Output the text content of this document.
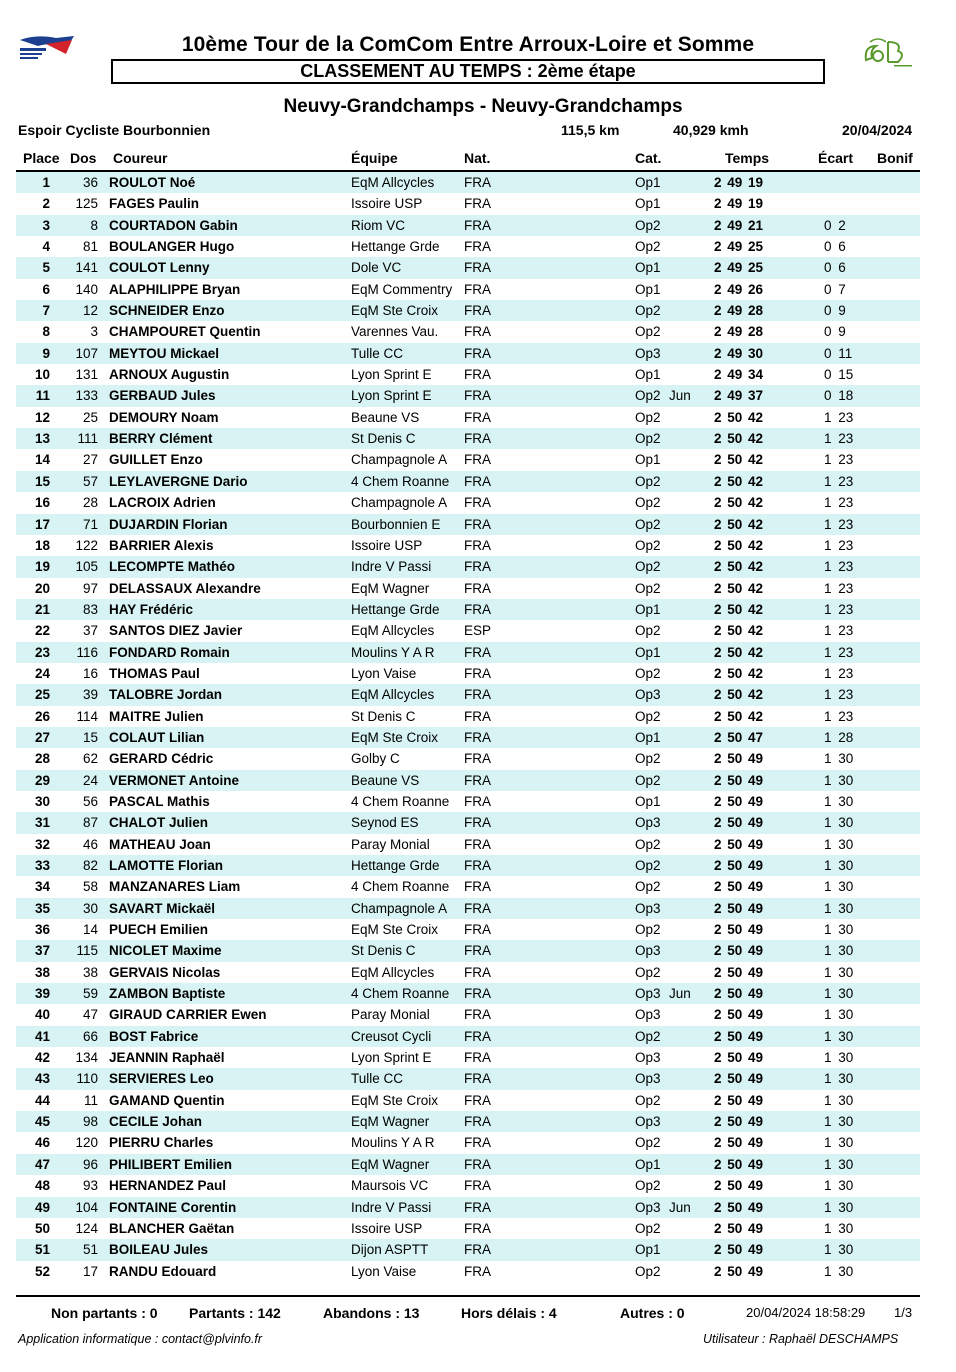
10ème Tour de la ComCom Entre Arroux-Loire et Somme
CLASSEMENT AU TEMPS : 2ème étape
Neuvy-Grandchamps - Neuvy-Grandchamps
Espoir Cycliste Bourbonnien	115,5 km	40,929 kmh	20/04/2024
Place Dos Coureur	Équipe	Nat.	Cat.	Temps	Écart Bonif
1	36 ROULOT Noé	EqM Allcycles FRA	Op1	2 49 19
2	125 FAGES Paulin	Issoire USP	FRA	Op1	2 49 19
3	8 COURTADON Gabin	Riom VC	FRA	Op2	2 49 21	0 2
4	81 BOULANGER Hugo	Hettange Grde FRA	Op2	2 49 25	0 6
5	141 COULOT Lenny	Dole VC	FRA	Op1	2 49 25	0 6
6	140 ALAPHILIPPE Bryan	EqM Commentry FRA	Op1	2 49 26	0 7
7	12 SCHNEIDER Enzo	EqM Ste Croix FRA	Op2	2 49 28	0 9
8	3 CHAMPOURET Quentin	Varennes Vau. FRA	Op2	2 49 28	0 9
9	107 MEYTOU Mickael	Tulle CC	FRA	Op3	2 49 30	0 11
10	131 ARNOUX Augustin	Lyon Sprint E FRA	Op1	2 49 34	0 15
11	133 GERBAUD Jules	Lyon Sprint E FRA	Op2 Jun 2 49 37	0 18
12	25 DEMOURY Noam	Beaune VS	FRA	Op2	2 50 42	1 23
13	111 BERRY Clément	St Denis C	FRA	Op2	2 50 42	1 23
14	27 GUILLET Enzo	Champagnole A FRA	Op1	2 50 42	1 23
15	57 LEYLAVERGNE Dario	4 Chem Roanne FRA	Op2	2 50 42	1 23
16	28 LACROIX Adrien	Champagnole A FRA	Op2	2 50 42	1 23
17	71 DUJARDIN Florian	Bourbonnien E FRA	Op2	2 50 42	1 23
18	122 BARRIER Alexis	Issoire USP	FRA	Op2	2 50 42	1 23
19	105 LECOMPTE Mathéo	Indre V Passi FRA	Op2	2 50 42	1 23
20	97 DELASSAUX Alexandre	EqM Wagner	FRA	Op2	2 50 42	1 23
21	83 HAY Frédéric	Hettange Grde FRA	Op1	2 50 42	1 23
22	37 SANTOS DIEZ Javier	EqM Allcycles ESP	Op2	2 50 42	1 23
23	116 FONDARD Romain	Moulins Y A R FRA	Op1	2 50 42	1 23
24	16 THOMAS Paul	Lyon Vaise	FRA	Op2	2 50 42	1 23
25	39 TALOBRE Jordan	EqM Allcycles FRA	Op3	2 50 42	1 23
26	114 MAITRE Julien	St Denis C	FRA	Op2	2 50 42	1 23
27	15 COLAUT Lilian	EqM Ste Croix FRA	Op1	2 50 47	1 28
28	62 GERARD Cédric	Golby C	FRA	Op2	2 50 49	1 30
29	24 VERMONET Antoine	Beaune VS	FRA	Op2	2 50 49	1 30
30	56 PASCAL Mathis	4 Chem Roanne FRA	Op1	2 50 49	1 30
31	87 CHALOT Julien	Seynod ES	FRA	Op3	2 50 49	1 30
32	46 MATHEAU Joan	Paray Monial	FRA	Op2	2 50 49	1 30
33	82 LAMOTTE Florian	Hettange Grde FRA	Op2	2 50 49	1 30
34	58 MANZANARES Liam	4 Chem Roanne FRA	Op2	2 50 49	1 30
35	30 SAVART Mickaël	Champagnole A FRA	Op3	2 50 49	1 30
36	14 PUECH Emilien	EqM Ste Croix FRA	Op2	2 50 49	1 30
37	115 NICOLET Maxime	St Denis C	FRA	Op3	2 50 49	1 30
38	38 GERVAIS Nicolas	EqM Allcycles FRA	Op2	2 50 49	1 30
39	59 ZAMBON Baptiste	4 Chem Roanne FRA	Op3 Jun 2 50 49	1 30
40	47 GIRAUD CARRIER Ewen	Paray Monial	FRA	Op3	2 50 49	1 30
41	66 BOST Fabrice	Creusot Cycli FRA	Op2	2 50 49	1 30
42	134 JEANNIN Raphaël	Lyon Sprint E FRA	Op3	2 50 49	1 30
43	110 SERVIERES Leo	Tulle CC	FRA	Op3	2 50 49	1 30
44	11 GAMAND Quentin	EqM Ste Croix FRA	Op2	2 50 49	1 30
45	98 CECILE Johan	EqM Wagner	FRA	Op3	2 50 49	1 30
46	120 PIERRU Charles	Moulins Y A R FRA	Op2	2 50 49	1 30
47	96 PHILIBERT Emilien	EqM Wagner	FRA	Op1	2 50 49	1 30
48	93 HERNANDEZ Paul	Maursois VC	FRA	Op2	2 50 49	1 30
49	104 FONTAINE Corentin	Indre V Passi FRA	Op3 Jun 2 50 49	1 30
50	124 BLANCHER Gaëtan	Issoire USP	FRA	Op2	2 50 49	1 30
51	51 BOILEAU Jules	Dijon ASPTT	FRA	Op1	2 50 49	1 30
52	17 RANDU Edouard	Lyon Vaise	FRA	Op2	2 50 49	1 30
Non partants : 0 Partants : 142	Abandons : 13	Hors délais : 4	Autres : 0	20/04/2024 18:58:29 1/3
Application informatique : contact@plvinfo.fr	Utilisateur : Raphaël DESCHAMPS
